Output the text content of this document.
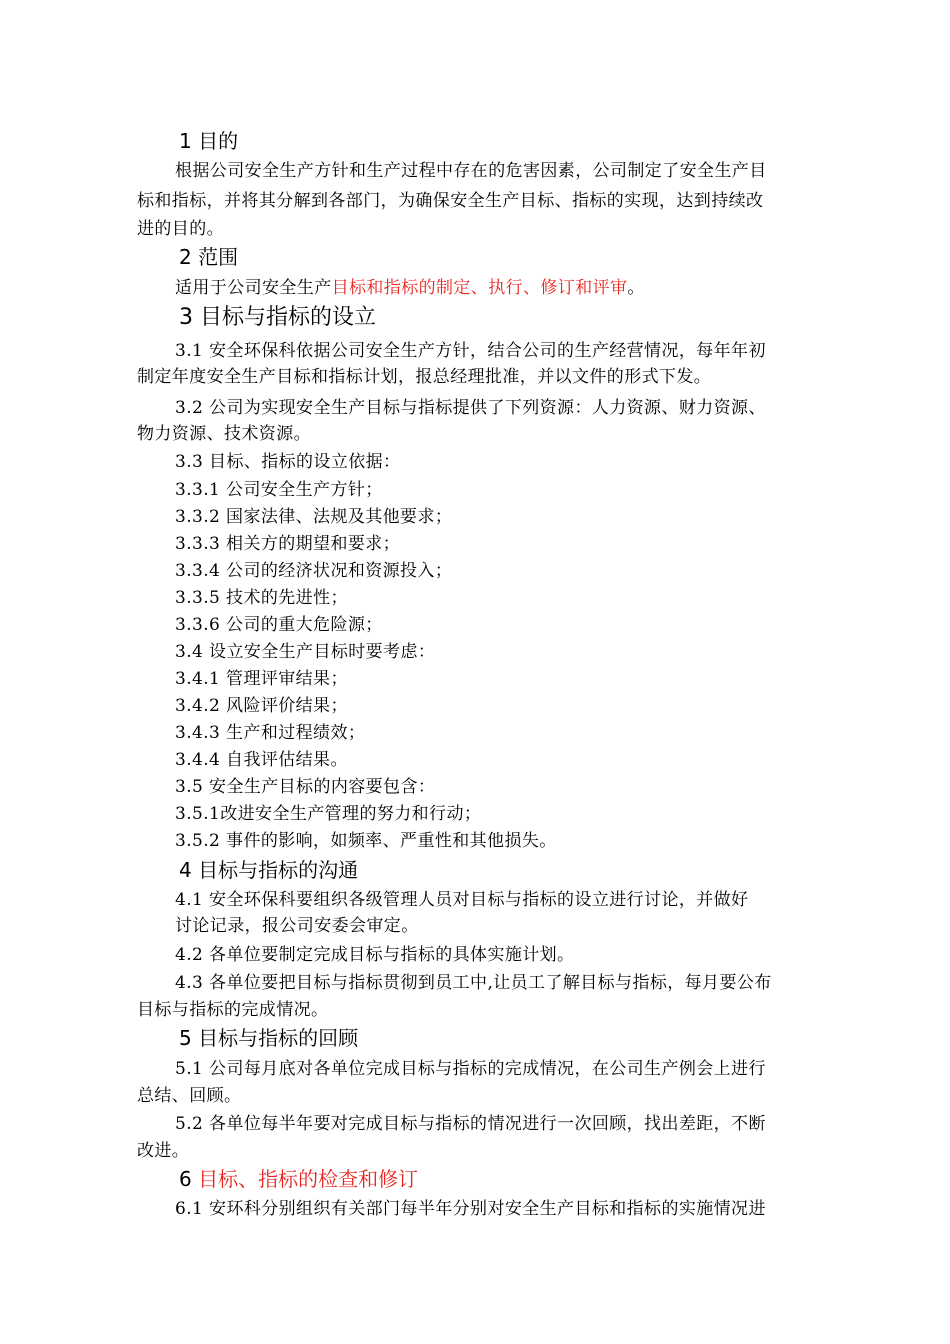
1 目的
根据公司安全生产方针和生产过程中存在的危害因素，公司制定了安全生产目
标和指标，并将其分解到各部门，为确保安全生产目标、指标的实现，达到持续改
进的目的。
2 范围
适用于公司安全生产目标和指标的制定、执行、修订和评审。
3 目标与指标的设立
3.1 安全环保科依据公司安全生产方针，结合公司的生产经营情况，每年年初
制定年度安全生产目标和指标计划，报总经理批准，并以文件的形式下发。
3.2 公司为实现安全生产目标与指标提供了下列资源：人力资源、财力资源、
物力资源、技术资源。
3.3 目标、指标的设立依据：
3.3.1 公司安全生产方针；
3.3.2 国家法律、法规及其他要求；
3.3.3 相关方的期望和要求；
3.3.4 公司的经济状况和资源投入；
3.3.5 技术的先进性；
3.3.6 公司的重大危险源；
3.4 设立安全生产目标时要考虑：
3.4.1 管理评审结果；
3.4.2 风险评价结果；
3.4.3 生产和过程绩效；
3.4.4 自我评估结果。
3.5 安全生产目标的内容要包含：
3.5.1改进安全生产管理的努力和行动；
3.5.2 事件的影响，如频率、严重性和其他损失。
4 目标与指标的沟通
4.1 安全环保科要组织各级管理人员对目标与指标的设立进行讨论，并做好
讨论记录，报公司安委会审定。
4.2 各单位要制定完成目标与指标的具体实施计划。
4.3 各单位要把目标与指标贯彻到员工中,让员工了解目标与指标，每月要公布
目标与指标的完成情况。
5 目标与指标的回顾
5.1 公司每月底对各单位完成目标与指标的完成情况，在公司生产例会上进行
总结、回顾。
5.2 各单位每半年要对完成目标与指标的情况进行一次回顾，找出差距，不断
改进。
6 目标、指标的检查和修订
6.1 安环科分别组织有关部门每半年分别对安全生产目标和指标的实施情况进
